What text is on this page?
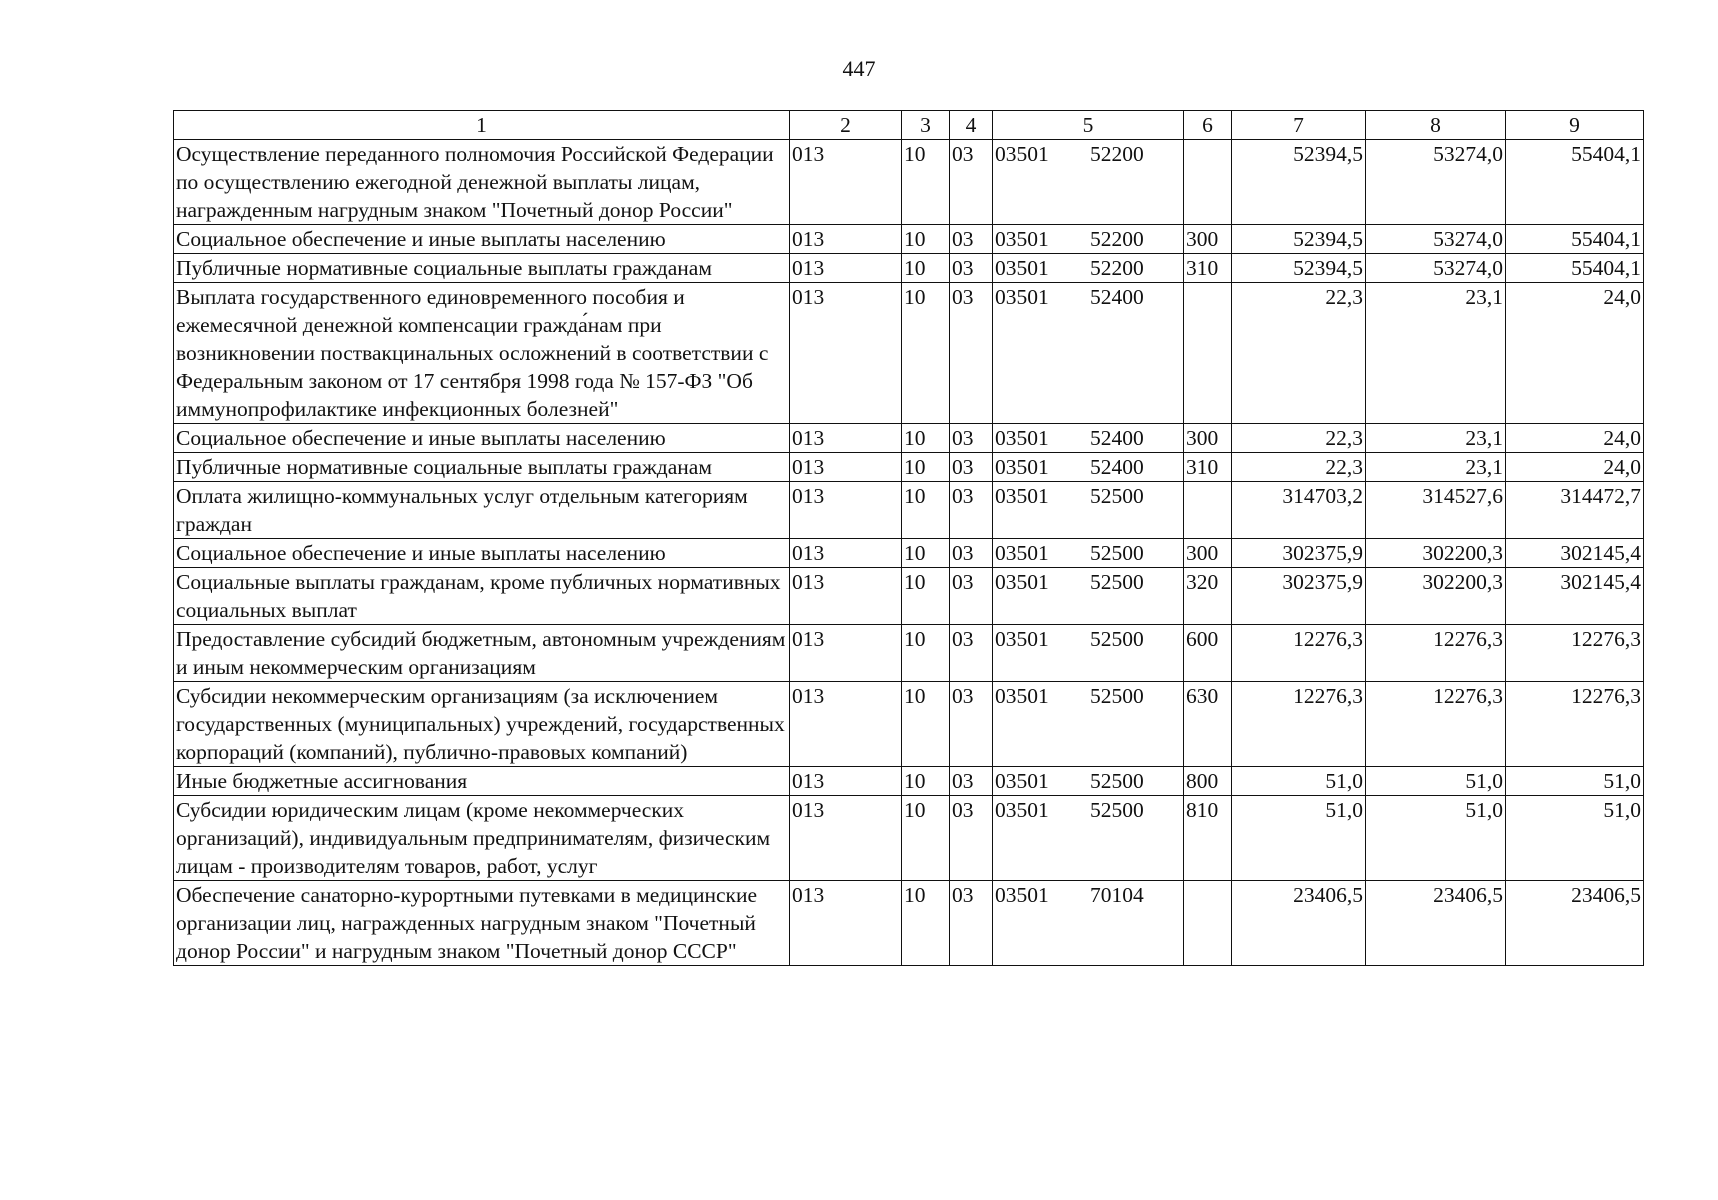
447
1	2	3	4	5	6	7	8	9
Осуществление переданного полномочия Российской Федерации по осуществлению ежегодной денежной выплаты лицам, награжденным нагрудным знаком "Почетный донор России"	013	10	03	03501 52200		52394,5	53274,0	55404,1
Социальное обеспечение и иные выплаты населению	013	10	03	03501 52200	300	52394,5	53274,0	55404,1
Публичные нормативные социальные выплаты гражданам	013	10	03	03501 52200	310	52394,5	53274,0	55404,1
Выплата государственного единовременного пособия и ежемесячной денежной компенсации гражда́нам при возникновении поствакцинальных осложнений в соответствии с Федеральным законом от 17 сентября 1998 года № 157-ФЗ "Об иммунопрофилактике инфекционных болезней"	013	10	03	03501 52400		22,3	23,1	24,0
Социальное обеспечение и иные выплаты населению	013	10	03	03501 52400	300	22,3	23,1	24,0
Публичные нормативные социальные выплаты гражданам	013	10	03	03501 52400	310	22,3	23,1	24,0
Оплата жилищно-коммунальных услуг отдельным категориям граждан	013	10	03	03501 52500		314703,2	314527,6	314472,7
Социальное обеспечение и иные выплаты населению	013	10	03	03501 52500	300	302375,9	302200,3	302145,4
Социальные выплаты гражданам, кроме публичных нормативных социальных выплат	013	10	03	03501 52500	320	302375,9	302200,3	302145,4
Предоставление субсидий бюджетным, автономным учреждениям и иным некоммерческим организациям	013	10	03	03501 52500	600	12276,3	12276,3	12276,3
Субсидии некоммерческим организациям (за исключением государственных (муниципальных) учреждений, государственных корпораций (компаний), публично-правовых компаний)	013	10	03	03501 52500	630	12276,3	12276,3	12276,3
Иные бюджетные ассигнования	013	10	03	03501 52500	800	51,0	51,0	51,0
Субсидии юридическим лицам (кроме некоммерческих организаций), индивидуальным предпринимателям, физическим лицам - производителям товаров, работ, услуг	013	10	03	03501 52500	810	51,0	51,0	51,0
Обеспечение санаторно-курортными путевками в медицинские организации лиц, награжденных нагрудным знаком "Почетный донор России" и нагрудным знаком "Почетный донор СССР"	013	10	03	03501 70104		23406,5	23406,5	23406,5
